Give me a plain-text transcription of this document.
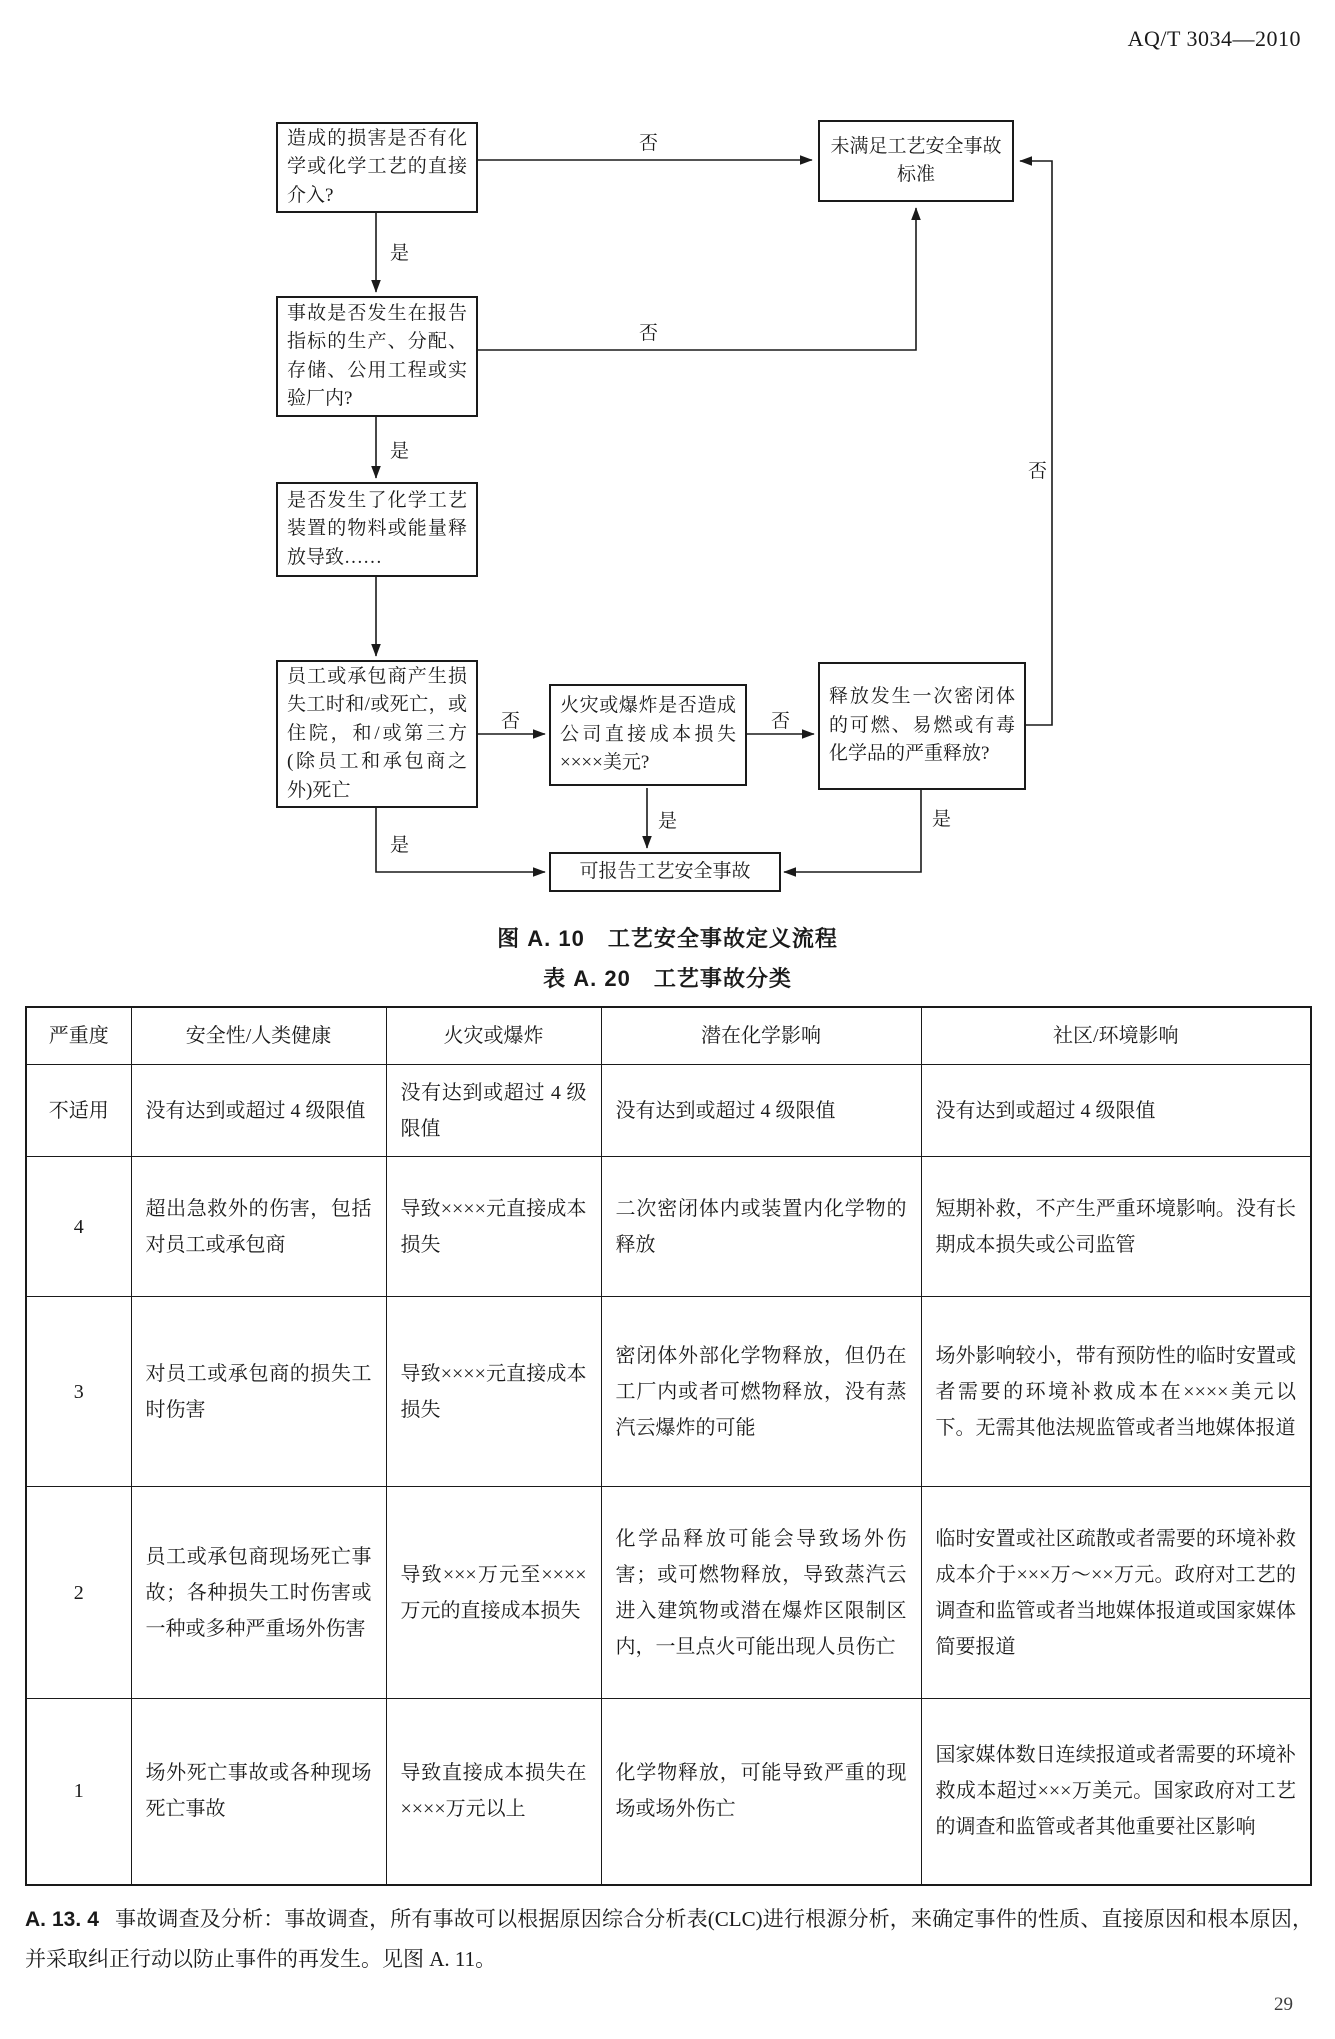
AQ/T 3034—2010
造成的损害是否有化学或化学工艺的直接介入?
未满足工艺安全事故标准
事故是否发生在报告指标的生产、分配、存储、公用工程或实验厂内?
是否发生了化学工艺装置的物料或能量释放导致……
员工或承包商产生损失工时和/或死亡，或住院，和/或第三方(除员工和承包商之外)死亡
火灾或爆炸是否造成公司直接成本损失××××美元?
释放发生一次密闭体的可燃、易燃或有毒化学品的严重释放?
可报告工艺安全事故
否
是
否
是
否	否
否
是
是	是
图 A. 10　工艺安全事故定义流程
表 A. 20　工艺事故分类
严重度	安全性/人类健康	火灾或爆炸	潜在化学影响	社区/环境影响
不适用	没有达到或超过 4 级限值	没有达到或超过 4 级限值	没有达到或超过 4 级限值	没有达到或超过 4 级限值
4	超出急救外的伤害，包括对员工或承包商	导致××××元直接成本损失	二次密闭体内或装置内化学物的释放	短期补救，不产生严重环境影响。没有长期成本损失或公司监管
3	对员工或承包商的损失工时伤害	导致××××元直接成本损失	密闭体外部化学物释放，但仍在工厂内或者可燃物释放，没有蒸汽云爆炸的可能	场外影响较小，带有预防性的临时安置或者需要的环境补救成本在××××美元以下。无需其他法规监管或者当地媒体报道
2	员工或承包商现场死亡事故；各种损失工时伤害或一种或多种严重场外伤害	导致×××万元至××××万元的直接成本损失	化学品释放可能会导致场外伤害；或可燃物释放，导致蒸汽云进入建筑物或潜在爆炸区限制区内，一旦点火可能出现人员伤亡	临时安置或社区疏散或者需要的环境补救成本介于×××万～××万元。政府对工艺的调查和监管或者当地媒体报道或国家媒体简要报道
1	场外死亡事故或各种现场死亡事故	导致直接成本损失在××××万元以上	化学物释放，可能导致严重的现场或场外伤亡	国家媒体数日连续报道或者需要的环境补救成本超过×××万美元。国家政府对工艺的调查和监管或者其他重要社区影响

A. 13. 4 事故调查及分析：事故调查，所有事故可以根据原因综合分析表(CLC)进行根源分析，来确定事件的性质、直接原因和根本原因，并采取纠正行动以防止事件的再发生。见图 A. 11。

29
